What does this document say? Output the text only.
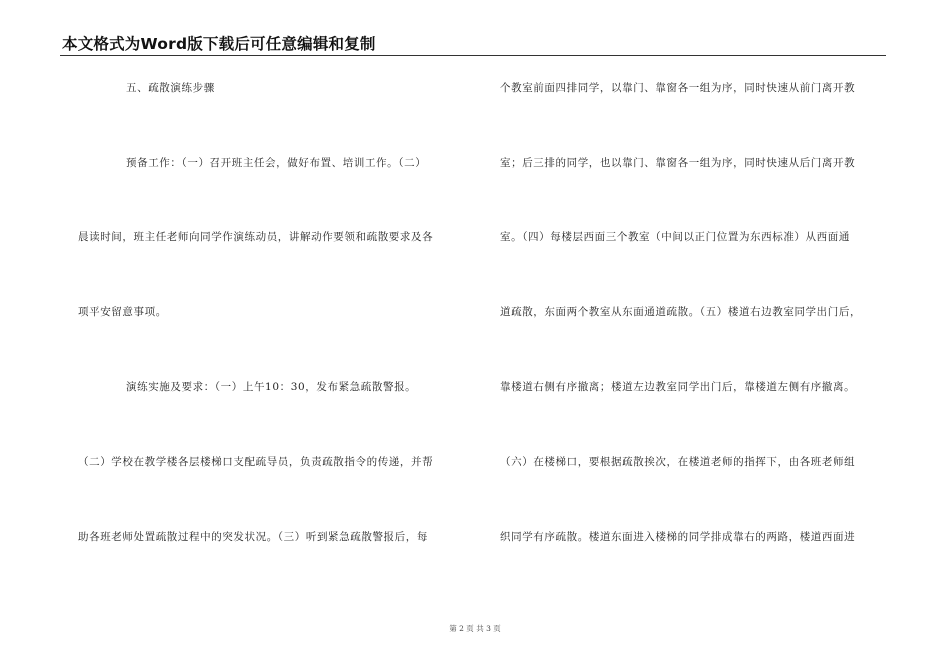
本文格式为Word版下载后可任意编辑和复制
五、疏散演练步骤
预备工作：（一）召开班主任会，做好布置、培训工作。（二）
晨读时间，班主任老师向同学作演练动员，讲解动作要领和疏散要求及各
项平安留意事项。
演练实施及要求：（一）上午10：30，发布紧急疏散警报。
（二）学校在教学楼各层楼梯口支配疏导员，负责疏散指令的传递，并帮
助各班老师处置疏散过程中的突发状况。（三）听到紧急疏散警报后，每
个教室前面四排同学，以靠门、靠窗各一组为序，同时快速从前门离开教
室；后三排的同学，也以靠门、靠窗各一组为序，同时快速从后门离开教
室。（四）每楼层西面三个教室（中间以正门位置为东西标准）从西面通
道疏散，东面两个教室从东面通道疏散。（五）楼道右边教室同学出门后，
靠楼道右侧有序撤离；楼道左边教室同学出门后，靠楼道左侧有序撤离。
（六）在楼梯口，要根据疏散挨次，在楼道老师的指挥下，由各班老师组
织同学有序疏散。楼道东面进入楼梯的同学排成靠右的两路，楼道西面进
第 2 页 共 3 页
